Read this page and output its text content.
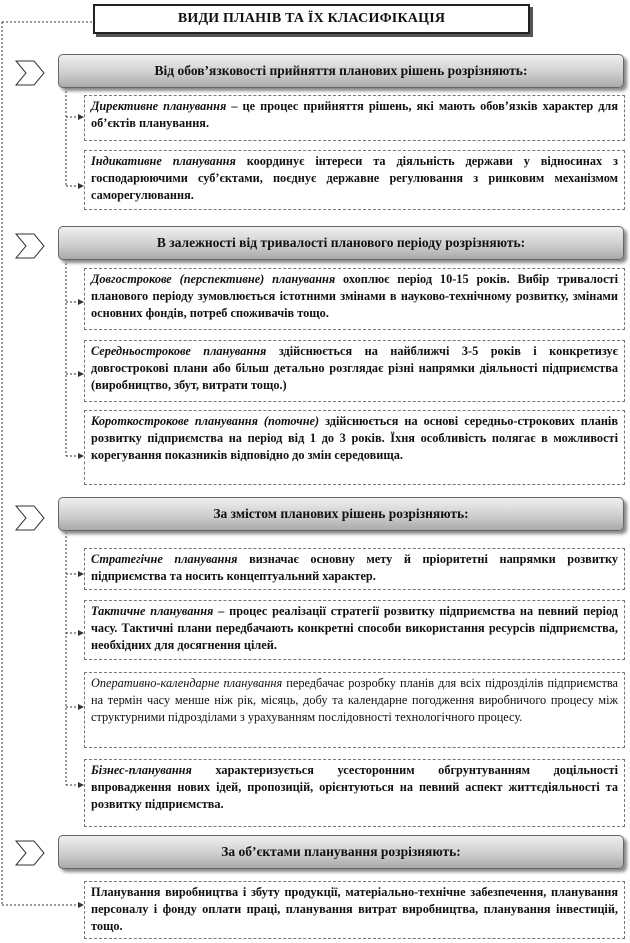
ВИДИ ПЛАНІВ ТА ЇХ КЛАСИФІКАЦІЯ
Від обов’язковості прийняття планових рішень розрізняють:
Директивне планування – це процес прийняття рішень, які мають обов’язків характер для об’єктів планування.
Індикативне планування координує інтереси та діяльність держави у відносинах з господарюючими суб’єктами, поєднує державне регулювання з ринковим механізмом саморегулювання.
В залежності від тривалості планового періоду розрізняють:
Довгострокове (перспективне) планування охоплює період 10-15 років. Вибір тривалості планового періоду зумовлюється істотними змінами в науково-технічному розвитку, змінами основних фондів, потреб споживачів тощо.
Середньострокове планування здійснюється на найближчі 3-5 років і конкретизує довгострокові плани або більш детально розглядає різні напрямки діяльності підприємства (виробництво, збут, витрати тощо.)
Короткострокове планування (поточне) здійснюється на основі середньо-строкових планів розвитку підприємства на період від 1 до 3 років. Їхня особливість полягає в можливості корегування показників відповідно до змін середовища.
За змістом планових рішень розрізняють:
Стратегічне планування визначає основну мету й пріоритетні напрямки розвитку підприємства та носить концептуальний характер.
Тактичне планування – процес реалізації стратегії розвитку підприємства на певний період часу. Тактичні плани передбачають конкретні способи використання ресурсів підприємства, необхідних для досягнення цілей.
Оперативно-календарне планування передбачає розробку планів для всіх підрозділів підприємства на термін часу менше ніж рік, місяць, добу та календарне погодження виробничого процесу між структурними підрозділами з урахуванням послідовності технологічного процесу.
Бізнес-планування характеризується усесторонним обгрунтуванням доцільності впровадження нових ідей, пропозицій, орієнтуються на певний аспект життєдіяльності та розвитку підприємства.
За об’єктами планування розрізняють:
Планування виробництва і збуту продукції, матеріально-технічне забезпечення, планування персоналу і фонду оплати праці, планування витрат виробництва, планування інвестицій, тощо.
